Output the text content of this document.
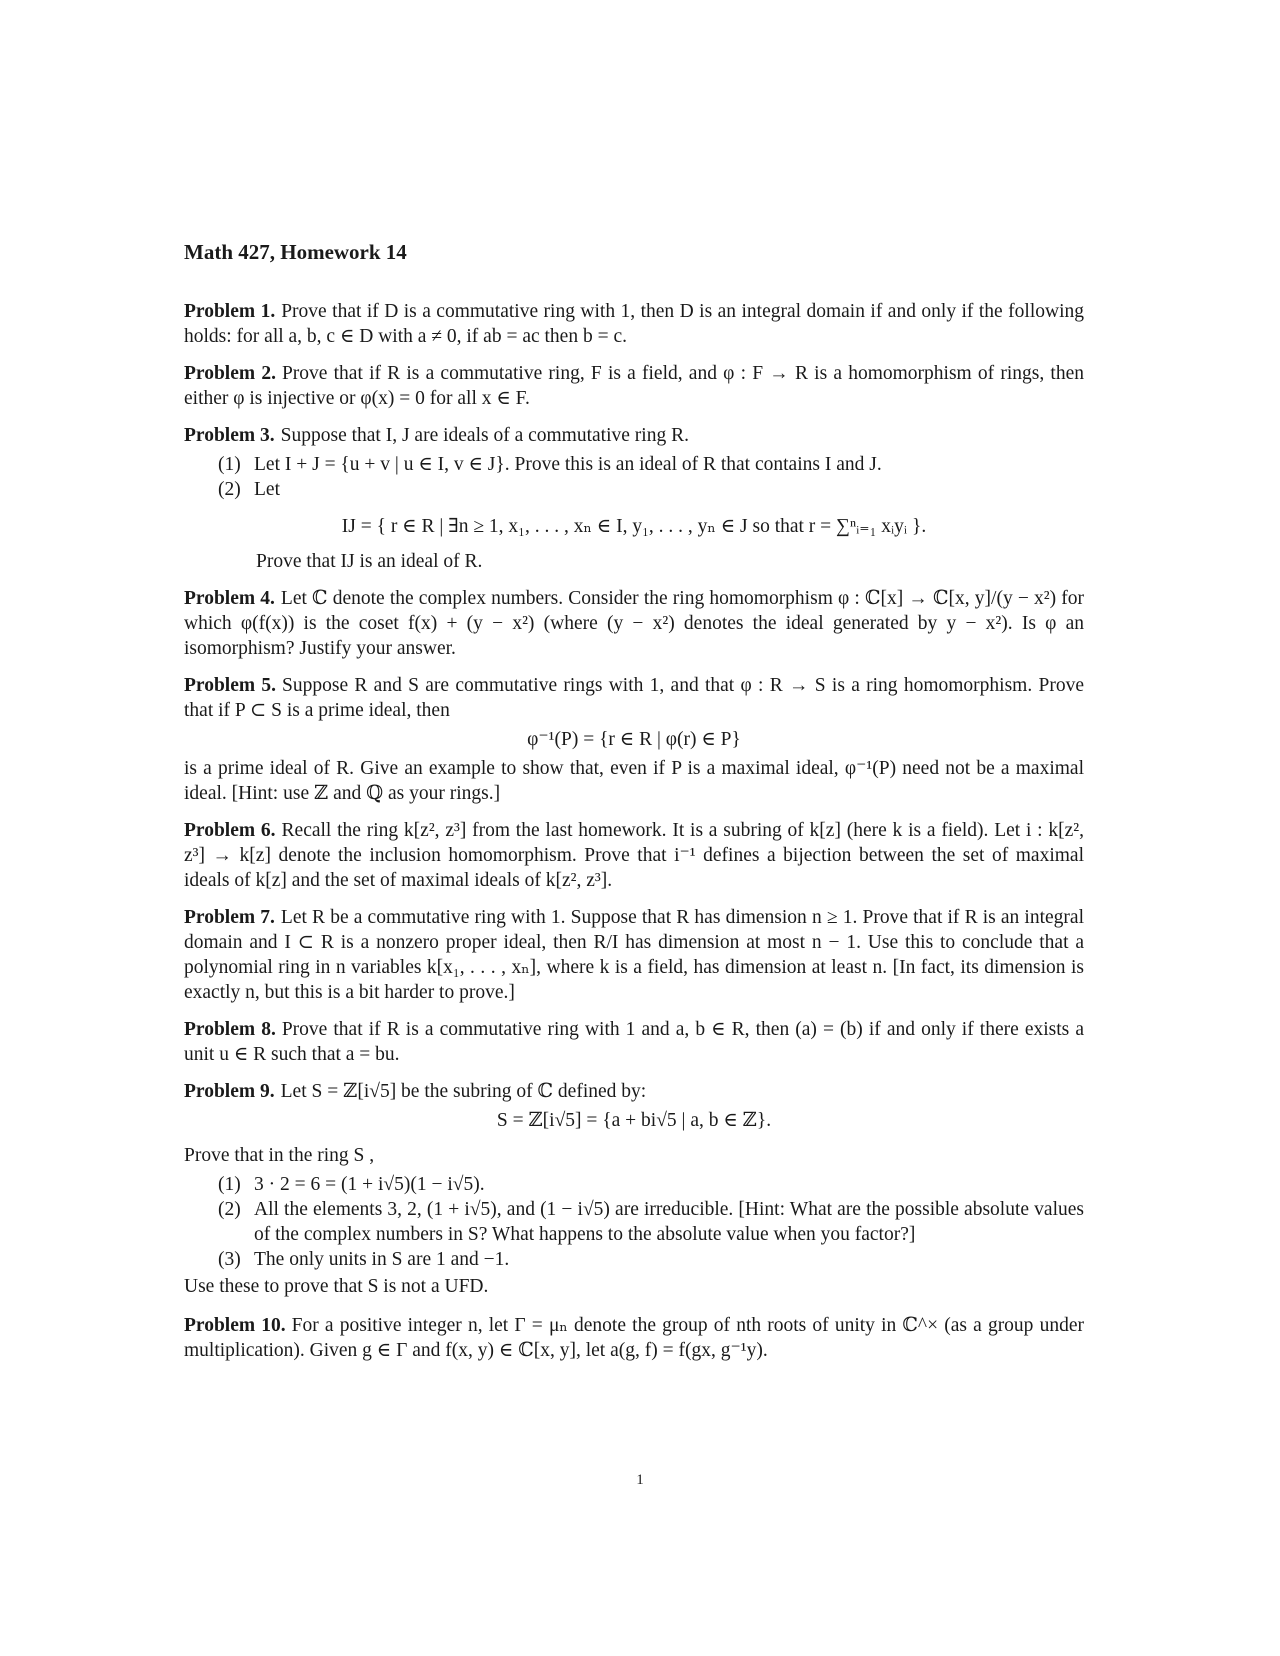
Math 427, Homework 14
Problem 1. Prove that if D is a commutative ring with 1, then D is an integral domain if and only if the following holds: for all a, b, c ∈ D with a ≠ 0, if ab = ac then b = c.
Problem 2. Prove that if R is a commutative ring, F is a field, and φ : F → R is a homomorphism of rings, then either φ is injective or φ(x) = 0 for all x ∈ F.
Problem 3. Suppose that I, J are ideals of a commutative ring R.
(1) Let I + J = {u + v | u ∈ I, v ∈ J}. Prove this is an ideal of R that contains I and J.
(2) Let
IJ = { r ∈ R | ∃n ≥ 1, x₁, . . . , xₙ ∈ I, y₁, . . . , yₙ ∈ J so that r = ∑ⁿᵢ₌₁ xᵢyᵢ }.
Prove that IJ is an ideal of R.
Problem 4. Let ℂ denote the complex numbers. Consider the ring homomorphism φ : ℂ[x] → ℂ[x, y]/(y − x²) for which φ(f(x)) is the coset f(x) + (y − x²) (where (y − x²) denotes the ideal generated by y − x²). Is φ an isomorphism? Justify your answer.
Problem 5. Suppose R and S are commutative rings with 1, and that φ : R → S is a ring homomorphism. Prove that if P ⊂ S is a prime ideal, then
φ⁻¹(P) = {r ∈ R | φ(r) ∈ P}
is a prime ideal of R. Give an example to show that, even if P is a maximal ideal, φ⁻¹(P) need not be a maximal ideal. [Hint: use ℤ and ℚ as your rings.]
Problem 6. Recall the ring k[z², z³] from the last homework. It is a subring of k[z] (here k is a field). Let i : k[z², z³] → k[z] denote the inclusion homomorphism. Prove that i⁻¹ defines a bijection between the set of maximal ideals of k[z] and the set of maximal ideals of k[z², z³].
Problem 7. Let R be a commutative ring with 1. Suppose that R has dimension n ≥ 1. Prove that if R is an integral domain and I ⊂ R is a nonzero proper ideal, then R/I has dimension at most n − 1. Use this to conclude that a polynomial ring in n variables k[x₁, . . . , xₙ], where k is a field, has dimension at least n. [In fact, its dimension is exactly n, but this is a bit harder to prove.]
Problem 8. Prove that if R is a commutative ring with 1 and a, b ∈ R, then (a) = (b) if and only if there exists a unit u ∈ R such that a = bu.
Problem 9. Let S = ℤ[i√5] be the subring of ℂ defined by:
S = ℤ[i√5] = {a + bi√5 | a, b ∈ ℤ}.
Prove that in the ring S ,
(1) 3 · 2 = 6 = (1 + i√5)(1 − i√5).
(2) All the elements 3, 2, (1 + i√5), and (1 − i√5) are irreducible. [Hint: What are the possible absolute values of the complex numbers in S? What happens to the absolute value when you factor?]
(3) The only units in S are 1 and −1.
Use these to prove that S is not a UFD.
Problem 10. For a positive integer n, let Γ = μₙ denote the group of nth roots of unity in ℂ^× (as a group under multiplication). Given g ∈ Γ and f(x, y) ∈ ℂ[x, y], let a(g, f) = f(gx, g⁻¹y).
1
